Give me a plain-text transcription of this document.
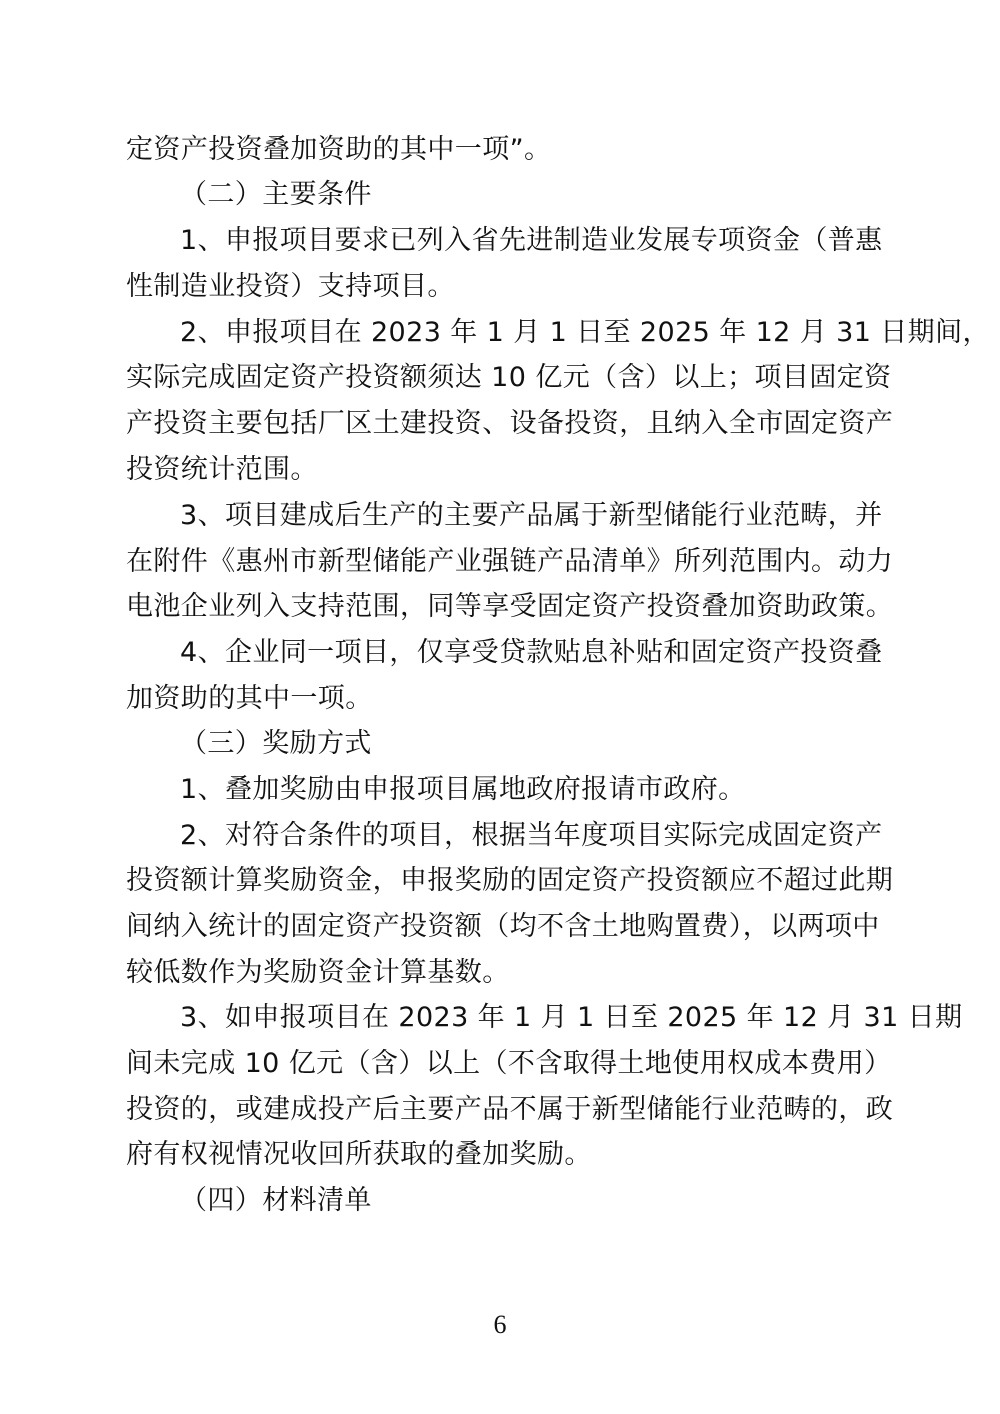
定资产投资叠加资助的其中一项”。
（二）主要条件
1、申报项目要求已列入省先进制造业发展专项资金（普惠
性制造业投资）支持项目。
2、申报项目在 2023 年 1 月 1 日至 2025 年 12 月 31 日期间，
实际完成固定资产投资额须达 10 亿元（含）以上；项目固定资
产投资主要包括厂区土建投资、设备投资，且纳入全市固定资产
投资统计范围。
3、项目建成后生产的主要产品属于新型储能行业范畴，并
在附件《惠州市新型储能产业强链产品清单》所列范围内。动力
电池企业列入支持范围，同等享受固定资产投资叠加资助政策。
4、企业同一项目，仅享受贷款贴息补贴和固定资产投资叠
加资助的其中一项。
（三）奖励方式
1、叠加奖励由申报项目属地政府报请市政府。
2、对符合条件的项目，根据当年度项目实际完成固定资产
投资额计算奖励资金，申报奖励的固定资产投资额应不超过此期
间纳入统计的固定资产投资额（均不含土地购置费），以两项中
较低数作为奖励资金计算基数。
3、如申报项目在 2023 年 1 月 1 日至 2025 年 12 月 31 日期
间未完成 10 亿元（含）以上（不含取得土地使用权成本费用）
投资的，或建成投产后主要产品不属于新型储能行业范畴的，政
府有权视情况收回所获取的叠加奖励。
（四）材料清单
6
